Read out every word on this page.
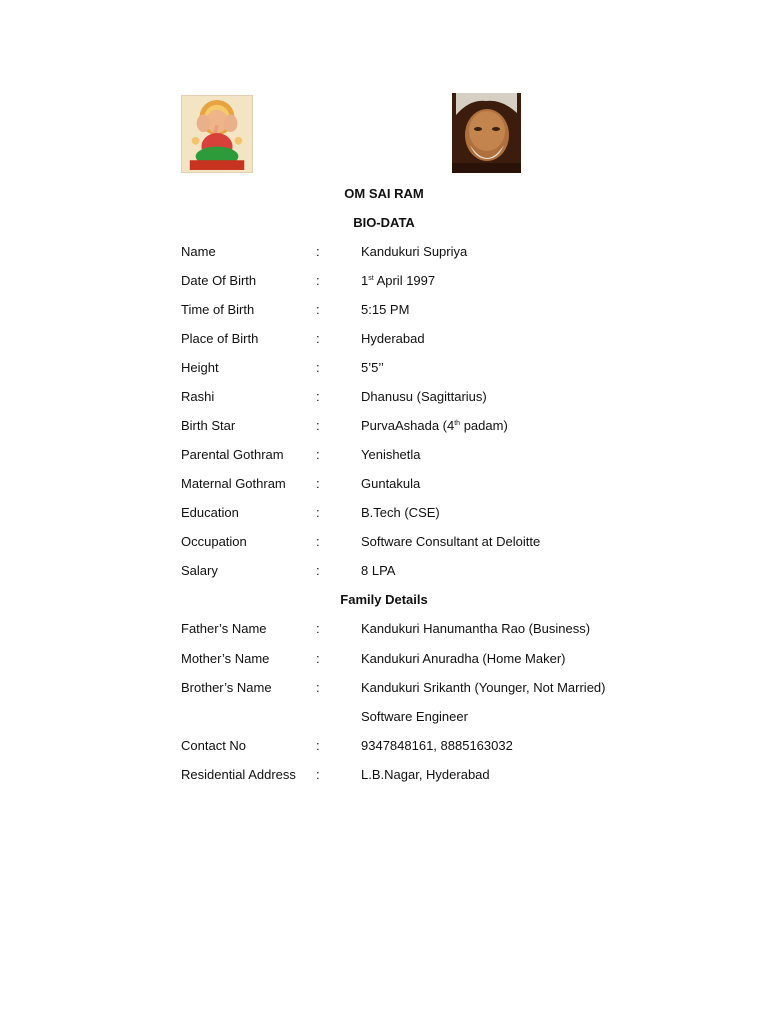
OM SAI RAM
BIO-DATA
Name	:	Kandukuri Supriya
Date Of Birth	:	1st April 1997
Time of Birth	:	5:15 PM
Place of Birth	:	Hyderabad
Height	:	5’5’’
Rashi	:	Dhanusu (Sagittarius)
Birth Star	:	PurvaAshada (4th padam)
Parental Gothram :	Yenishetla
Maternal Gothram :	Guntakula
Education	:	B.Tech (CSE)
Occupation	:	Software Consultant at Deloitte
Salary	:	8 LPA
Family Details
Father’s Name	:	Kandukuri Hanumantha Rao (Business)
Mother’s Name	:	Kandukuri Anuradha (Home Maker)
Brother’s Name	:	Kandukuri Srikanth (Younger, Not Married)
Software Engineer
Contact No	:	9347848161, 8885163032
Residential Address :	L.B.Nagar, Hyderabad
